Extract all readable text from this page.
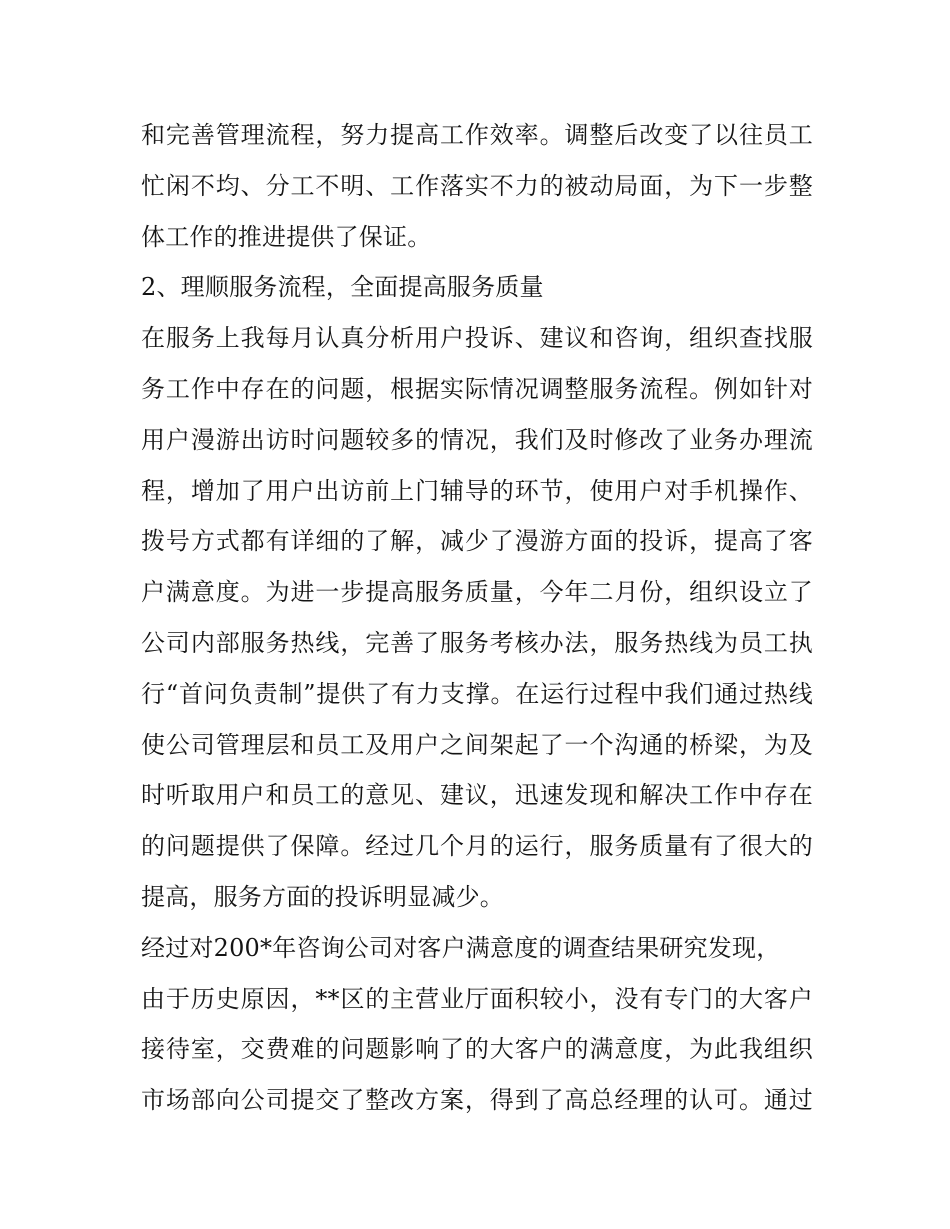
和完善管理流程，努力提高工作效率。调整后改变了以往员工
忙闲不均、分工不明、工作落实不力的被动局面，为下一步整
体工作的推进提供了保证。
2、理顺服务流程，全面提高服务质量
在服务上我每月认真分析用户投诉、建议和咨询，组织查找服
务工作中存在的问题，根据实际情况调整服务流程。例如针对
用户漫游出访时问题较多的情况，我们及时修改了业务办理流
程，增加了用户出访前上门辅导的环节，使用户对手机操作、
拨号方式都有详细的了解，减少了漫游方面的投诉，提高了客
户满意度。为进一步提高服务质量，今年二月份，组织设立了
公司内部服务热线，完善了服务考核办法，服务热线为员工执
行“首问负责制”提供了有力支撑。在运行过程中我们通过热线
使公司管理层和员工及用户之间架起了一个沟通的桥梁，为及
时听取用户和员工的意见、建议，迅速发现和解决工作中存在
的问题提供了保障。经过几个月的运行，服务质量有了很大的
提高，服务方面的投诉明显减少。
经过对200*年咨询公司对客户满意度的调查结果研究发现，
由于历史原因，**区的主营业厅面积较小，没有专门的大客户
接待室，交费难的问题影响了的大客户的满意度，为此我组织
市场部向公司提交了整改方案，得到了高总经理的认可。通过
